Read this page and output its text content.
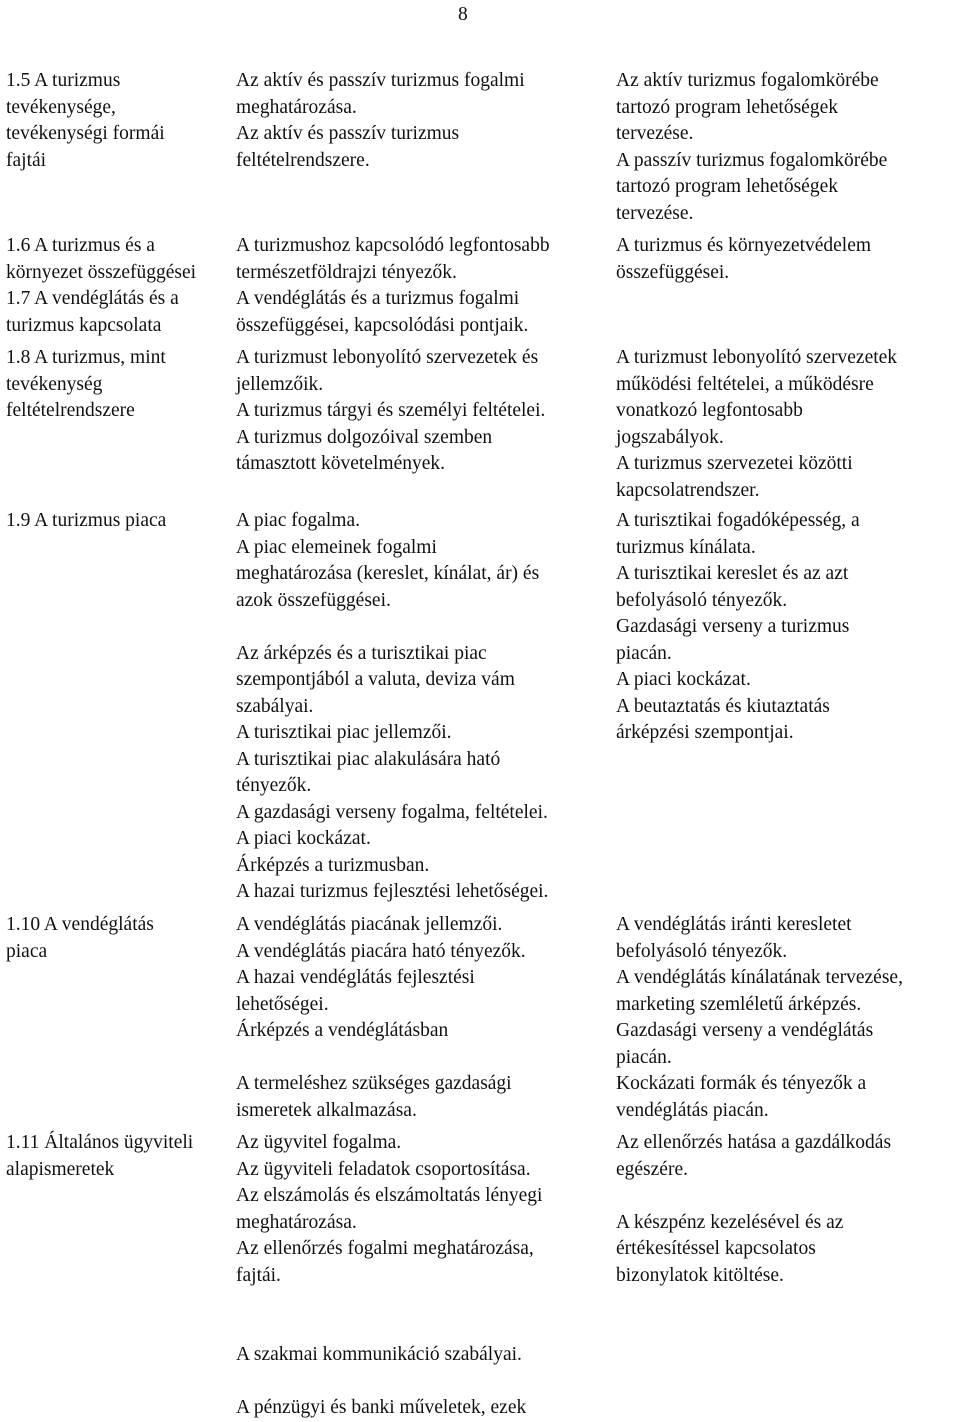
8
1.5 A turizmus
tevékenysége,
tevékenységi formái
fajtái
Az aktív és passzív turizmus fogalmi
meghatározása.
Az aktív és passzív turizmus
feltételrendszere.
Az aktív turizmus fogalomkörébe
tartozó program lehetőségek
tervezése.
A passzív turizmus fogalomkörébe
tartozó program lehetőségek
tervezése.
1.6 A turizmus és a
környezet összefüggései
A turizmushoz kapcsolódó legfontosabb
természetföldrajzi tényezők.
A turizmus és környezetvédelem
összefüggései.
1.7 A vendéglátás és a
turizmus kapcsolata
A vendéglátás és a turizmus fogalmi
összefüggései, kapcsolódási pontjaik.
1.8 A turizmus, mint
tevékenység
feltételrendszere
A turizmust lebonyolító szervezetek és
jellemzőik.
A turizmus tárgyi és személyi feltételei.
A turizmus dolgozóival szemben
támasztott követelmények.
A turizmust lebonyolító szervezetek
működési feltételei, a működésre
vonatkozó legfontosabb
jogszabályok.
A turizmus szervezetei közötti
kapcsolatrendszer.
1.9 A turizmus piaca	A piac fogalma.
A piac elemeinek fogalmi
meghatározása (kereslet, kínálat, ár) és
azok összefüggései.

Az árképzés és a turisztikai piac
szempontjából a valuta, deviza vám
szabályai.
A turisztikai piac jellemzői.
A turisztikai piac alakulására ható
tényezők.
A gazdasági verseny fogalma, feltételei.
A piaci kockázat.
Árképzés a turizmusban.
A hazai turizmus fejlesztési lehetőségei.
A turisztikai fogadóképesség, a
turizmus kínálata.
A turisztikai kereslet és az azt
befolyásoló tényezők.
Gazdasági verseny a turizmus
piacán.
A piaci kockázat.
A beutaztatás és kiutaztatás
árképzési szempontjai.
1.10 A vendéglátás
piaca
A vendéglátás piacának jellemzői.
A vendéglátás piacára ható tényezők.
A hazai vendéglátás fejlesztési
lehetőségei.
Árképzés a vendéglátásban

A termeléshez szükséges gazdasági
ismeretek alkalmazása.
A vendéglátás iránti keresletet
befolyásoló tényezők.
A vendéglátás kínálatának tervezése,
marketing szemléletű árképzés.
Gazdasági verseny a vendéglátás
piacán.
Kockázati formák és tényezők a
vendéglátás piacán.
1.11 Általános ügyviteli
alapismeretek
Az ügyvitel fogalma.
Az ügyviteli feladatok csoportosítása.
Az elszámolás és elszámoltatás lényegi
meghatározása.
Az ellenőrzés fogalmi meghatározása,
fajtái.

A szakmai kommunikáció szabályai.

A pénzügyi és banki műveletek, ezek
Az ellenőrzés hatása a gazdálkodás
egészére.

A készpénz kezelésével és az
értékesítéssel kapcsolatos
bizonylatok kitöltése.
